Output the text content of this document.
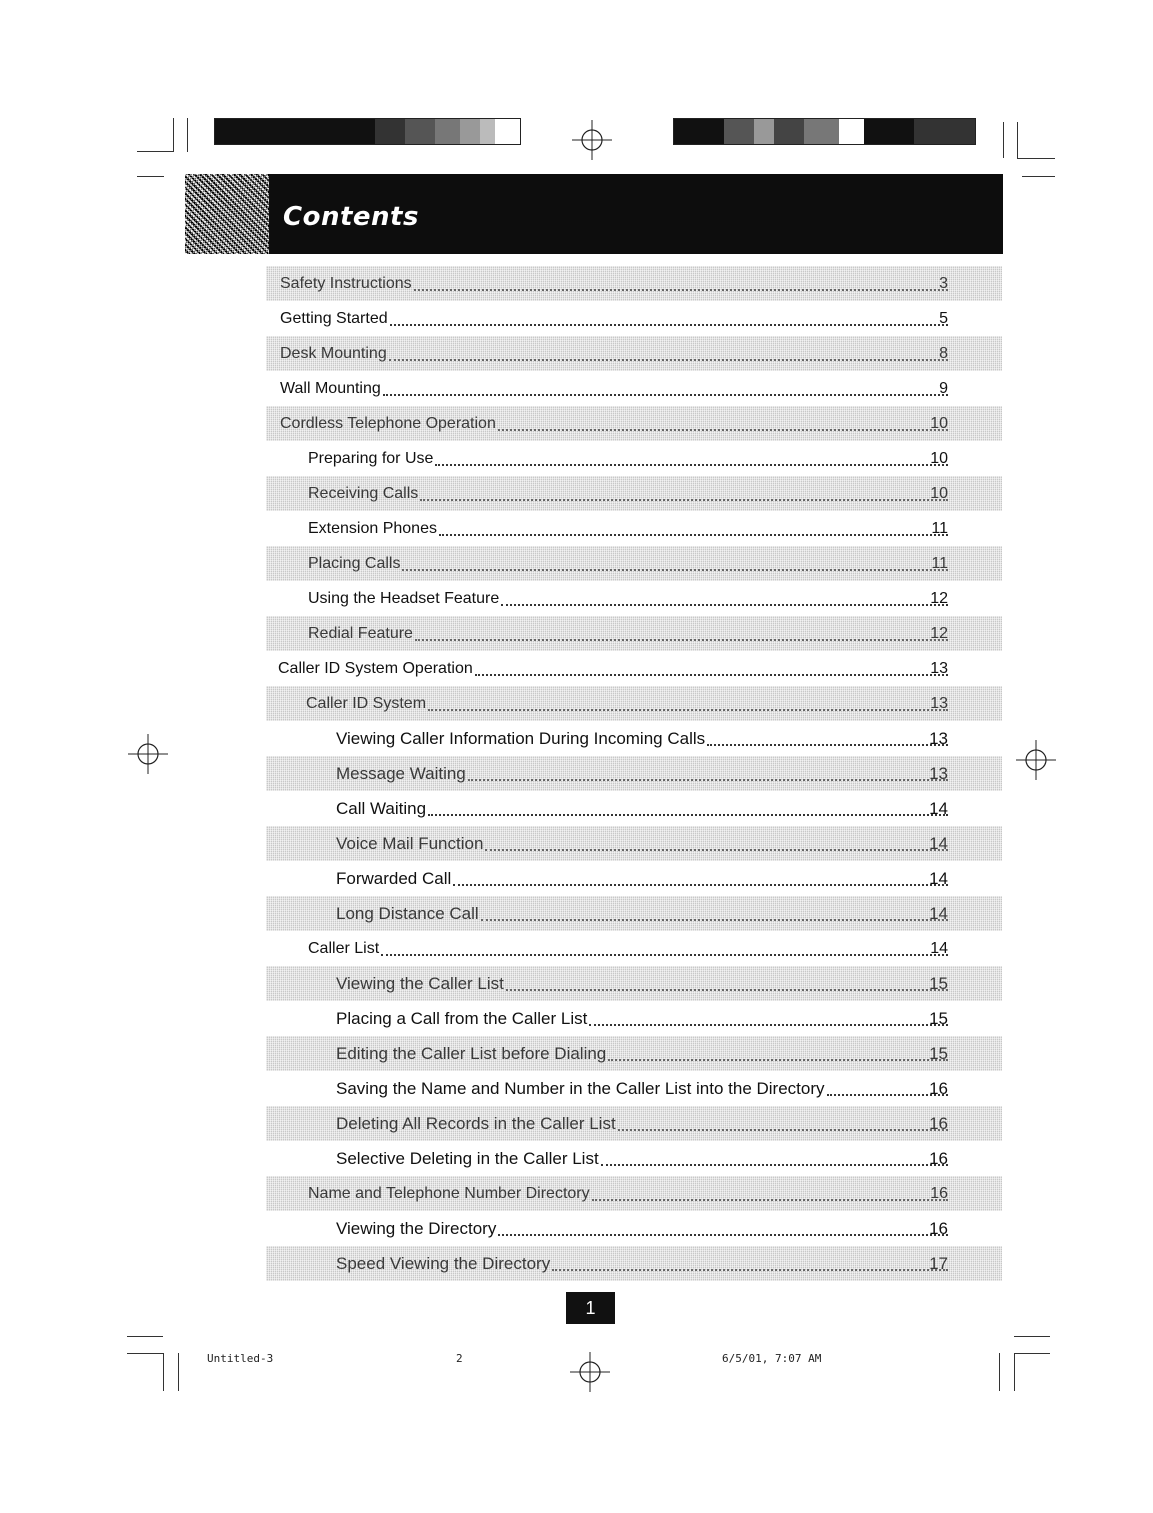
Contents
Safety Instructions	3
Getting Started	5
Desk Mounting	8
Wall Mounting	9
Cordless Telephone Operation	10
Preparing for Use	10
Receiving Calls	10
Extension Phones	11
Placing Calls	11
Using the Headset Feature	12
Redial Feature	12
Caller ID System Operation	13
Caller ID System	13
Viewing Caller Information During Incoming Calls	13
Message Waiting	13
Call Waiting	14
Voice Mail Function	14
Forwarded Call	14
Long Distance Call	14
Caller List	14
Viewing the Caller List	15
Placing a Call from the Caller List	15
Editing the Caller List before Dialing	15
Saving the Name and Number in the Caller List into the Directory	16
Deleting All Records in the Caller List	16
Selective Deleting in the Caller List	16
Name and Telephone Number Directory	16
Viewing the Directory	16
Speed Viewing the Directory	17
1
Untitled-3	2	6/5/01, 7:07 AM
